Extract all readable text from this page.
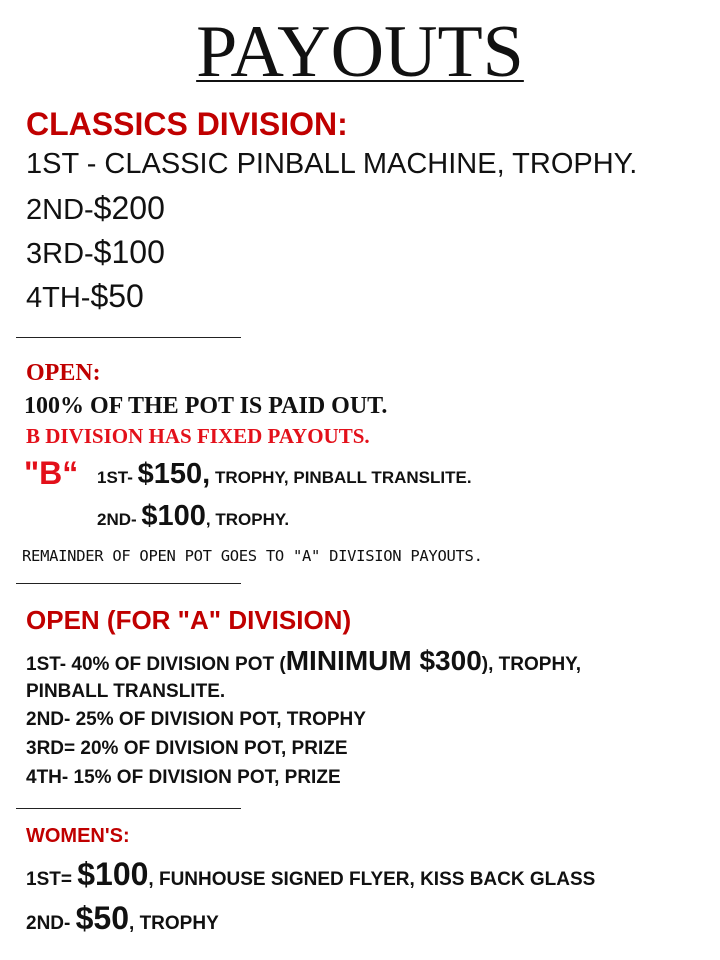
PAYOUTS
CLASSICS DIVISION:
1ST - CLASSIC PINBALL MACHINE, TROPHY.
2ND-$200
3RD-$100
4TH-$50
OPEN:
100% OF THE POT IS PAID OUT.
B DIVISION HAS FIXED PAYOUTS.
"B“ 1ST- $150, TROPHY, PINBALL TRANSLITE.
2ND- $100, TROPHY.
REMAINDER OF OPEN POT GOES TO "A" DIVISION PAYOUTS.
OPEN (FOR "A" DIVISION)
1ST- 40% OF DIVISION POT (MINIMUM $300), TROPHY,
PINBALL TRANSLITE.
2ND- 25% OF DIVISION POT, TROPHY
3RD= 20% OF DIVISION POT, PRIZE
4TH- 15% OF DIVISION POT, PRIZE
WOMEN'S:
1ST= $100, FUNHOUSE SIGNED FLYER, KISS BACK GLASS
2ND- $50, TROPHY
